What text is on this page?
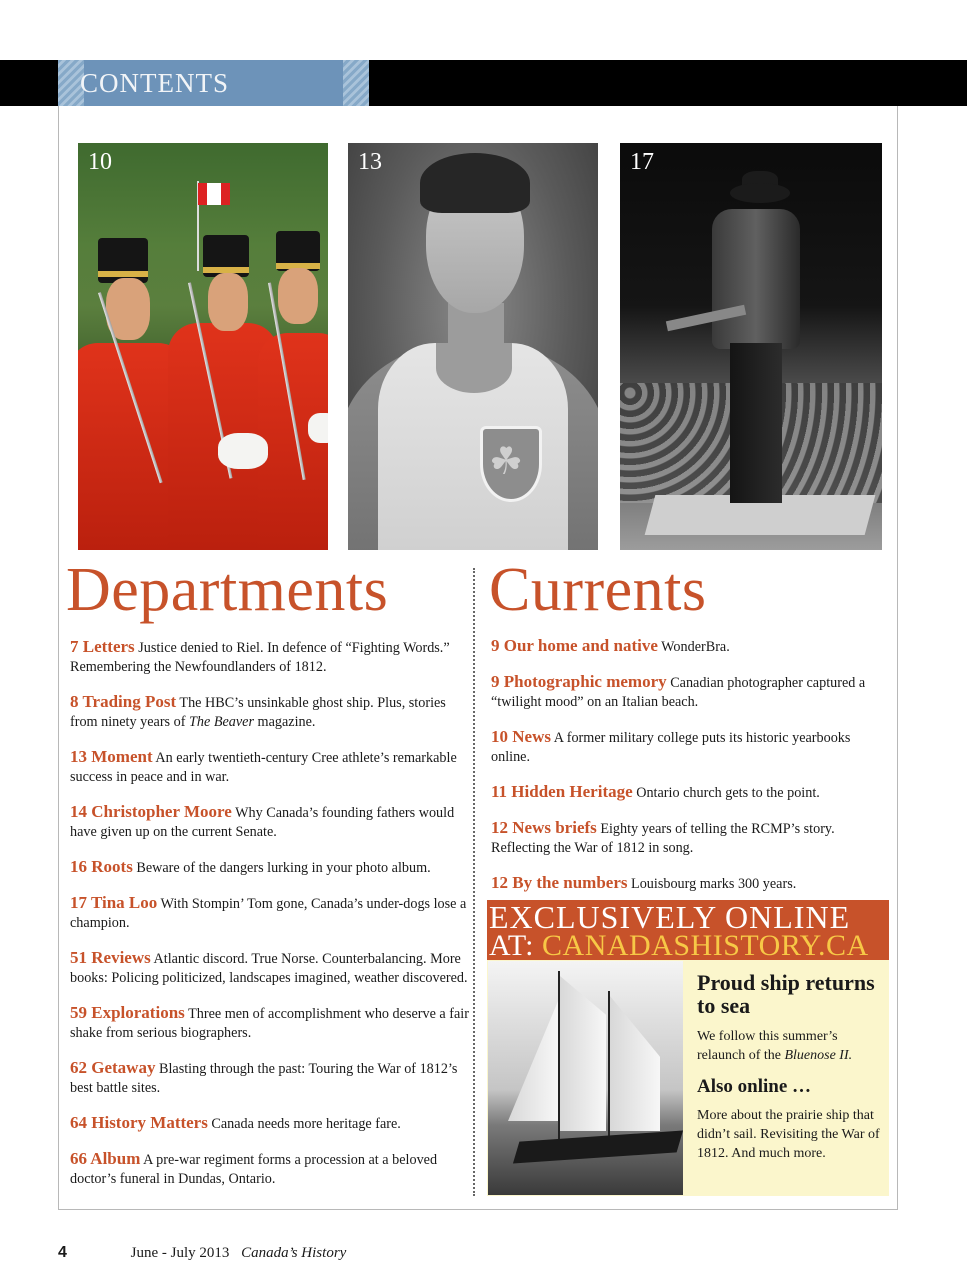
CONTENTS
10	13
☘
17
Departments Currents

7 Letters Justice denied to Riel. In defence of “Fighting Words.” Remembering the Newfoundlanders of 1812.

8 Trading Post The HBC’s unsinkable ghost ship. Plus, stories from ninety years of The Beaver magazine.

13 Moment An early twentieth-century Cree athlete’s remarkable success in peace and in war.

14 Christopher Moore Why Canada’s founding fathers would have given up on the current Senate.

16 Roots Beware of the dangers lurking in your photo album.

17 Tina Loo With Stompin’ Tom gone, Canada’s under-dogs lose a champion.

51 Reviews Atlantic discord. True Norse. Counterbalancing. More books: Policing politicized, landscapes imagined, weather discovered.

59 Explorations Three men of accomplishment who deserve a fair shake from serious biographers.

62 Getaway Blasting through the past: Touring the War of 1812’s best battle sites.

64 History Matters Canada needs more heritage fare.

66 Album A pre-war regiment forms a procession at a beloved doctor’s funeral in Dundas, Ontario.

9 Our home and native WonderBra.

9 Photographic memory Canadian photographer captured a “twilight mood” on an Italian beach.

10 News A former military college puts its historic yearbooks online.

11 Hidden Heritage Ontario church gets to the point.

12 News briefs Eighty years of telling the RCMP’s story. Reflecting the War of 1812 in song.

12 By the numbers Louisbourg marks 300 years.

EXCLUSIVELY ONLINE
AT: CANADASHISTORY.CA
Proud ship returns to sea
We follow this summer’s relaunch of the Bluenose II.
Also online …
More about the prairie ship that didn’t sail. Revisiting the War of 1812. And much more.
4	June - July 2013 Canada’s History
